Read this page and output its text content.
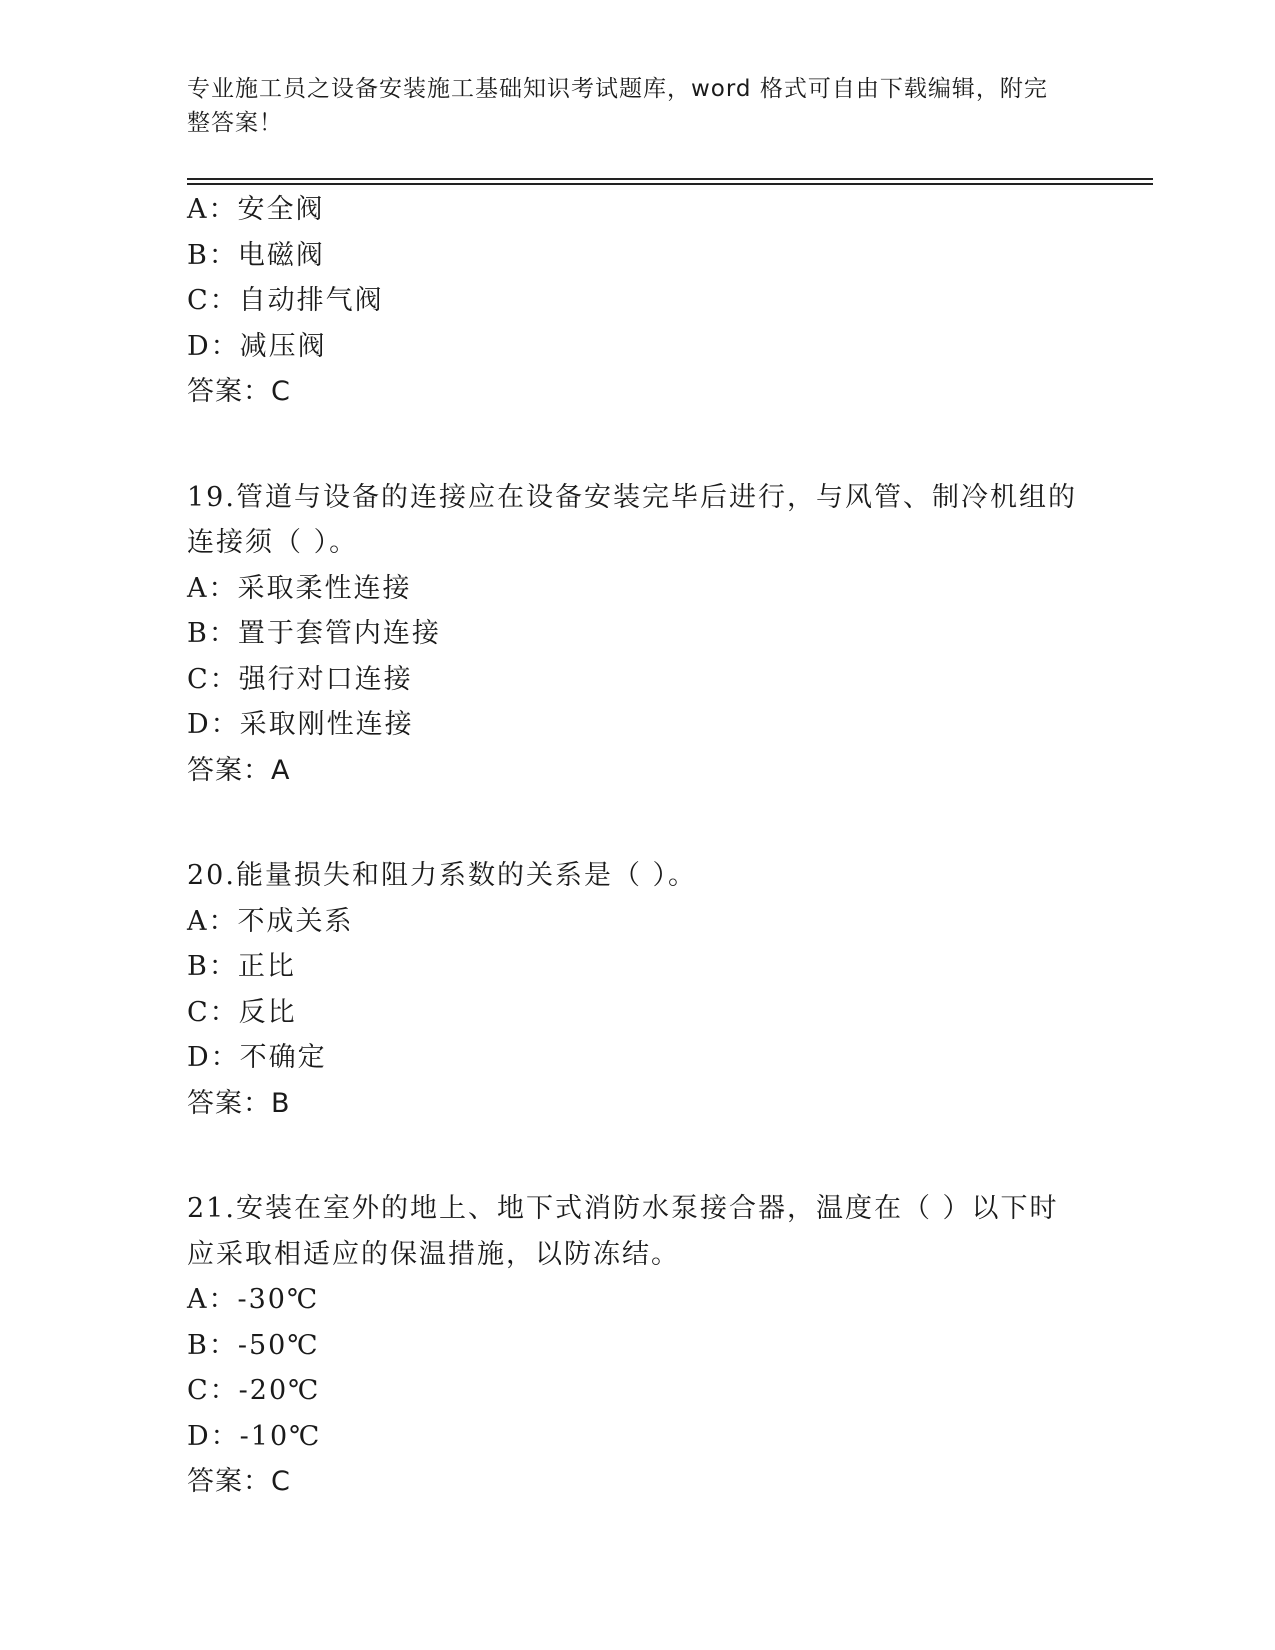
专业施工员之设备安装施工基础知识考试题库，word 格式可自由下载编辑，附完
整答案！
A：安全阀
B：电磁阀
C：自动排气阀
D：减压阀
答案：C
19.管道与设备的连接应在设备安装完毕后进行，与风管、制冷机组的
连接须（ ）。
A：采取柔性连接
B：置于套管内连接
C：强行对口连接
D：采取刚性连接
答案：A
20.能量损失和阻力系数的关系是（ ）。
A：不成关系
B：正比
C：反比
D：不确定
答案：B
21.安装在室外的地上、地下式消防水泵接合器，温度在（ ）以下时
应采取相适应的保温措施，以防冻结。
A：-30℃
B：-50℃
C：-20℃
D：-10℃
答案：C
